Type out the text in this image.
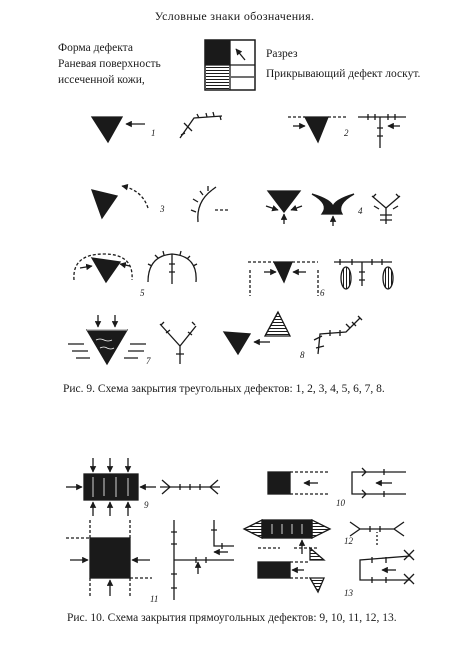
Условные знаки обозначения.
Форма дефекта
Раневая поверхность
иссеченной кожи,
Разрез
Прикрывающий дефект лоскут.
1	2
3	4
5	6
7
8
9	10
11
12
13
Рис. 9. Схема закрытия треугольных дефектов: 1, 2, 3, 4, 5, 6, 7, 8.
Рис. 10. Схема закрытия прямоугольных дефектов: 9, 10, 11, 12, 13.
